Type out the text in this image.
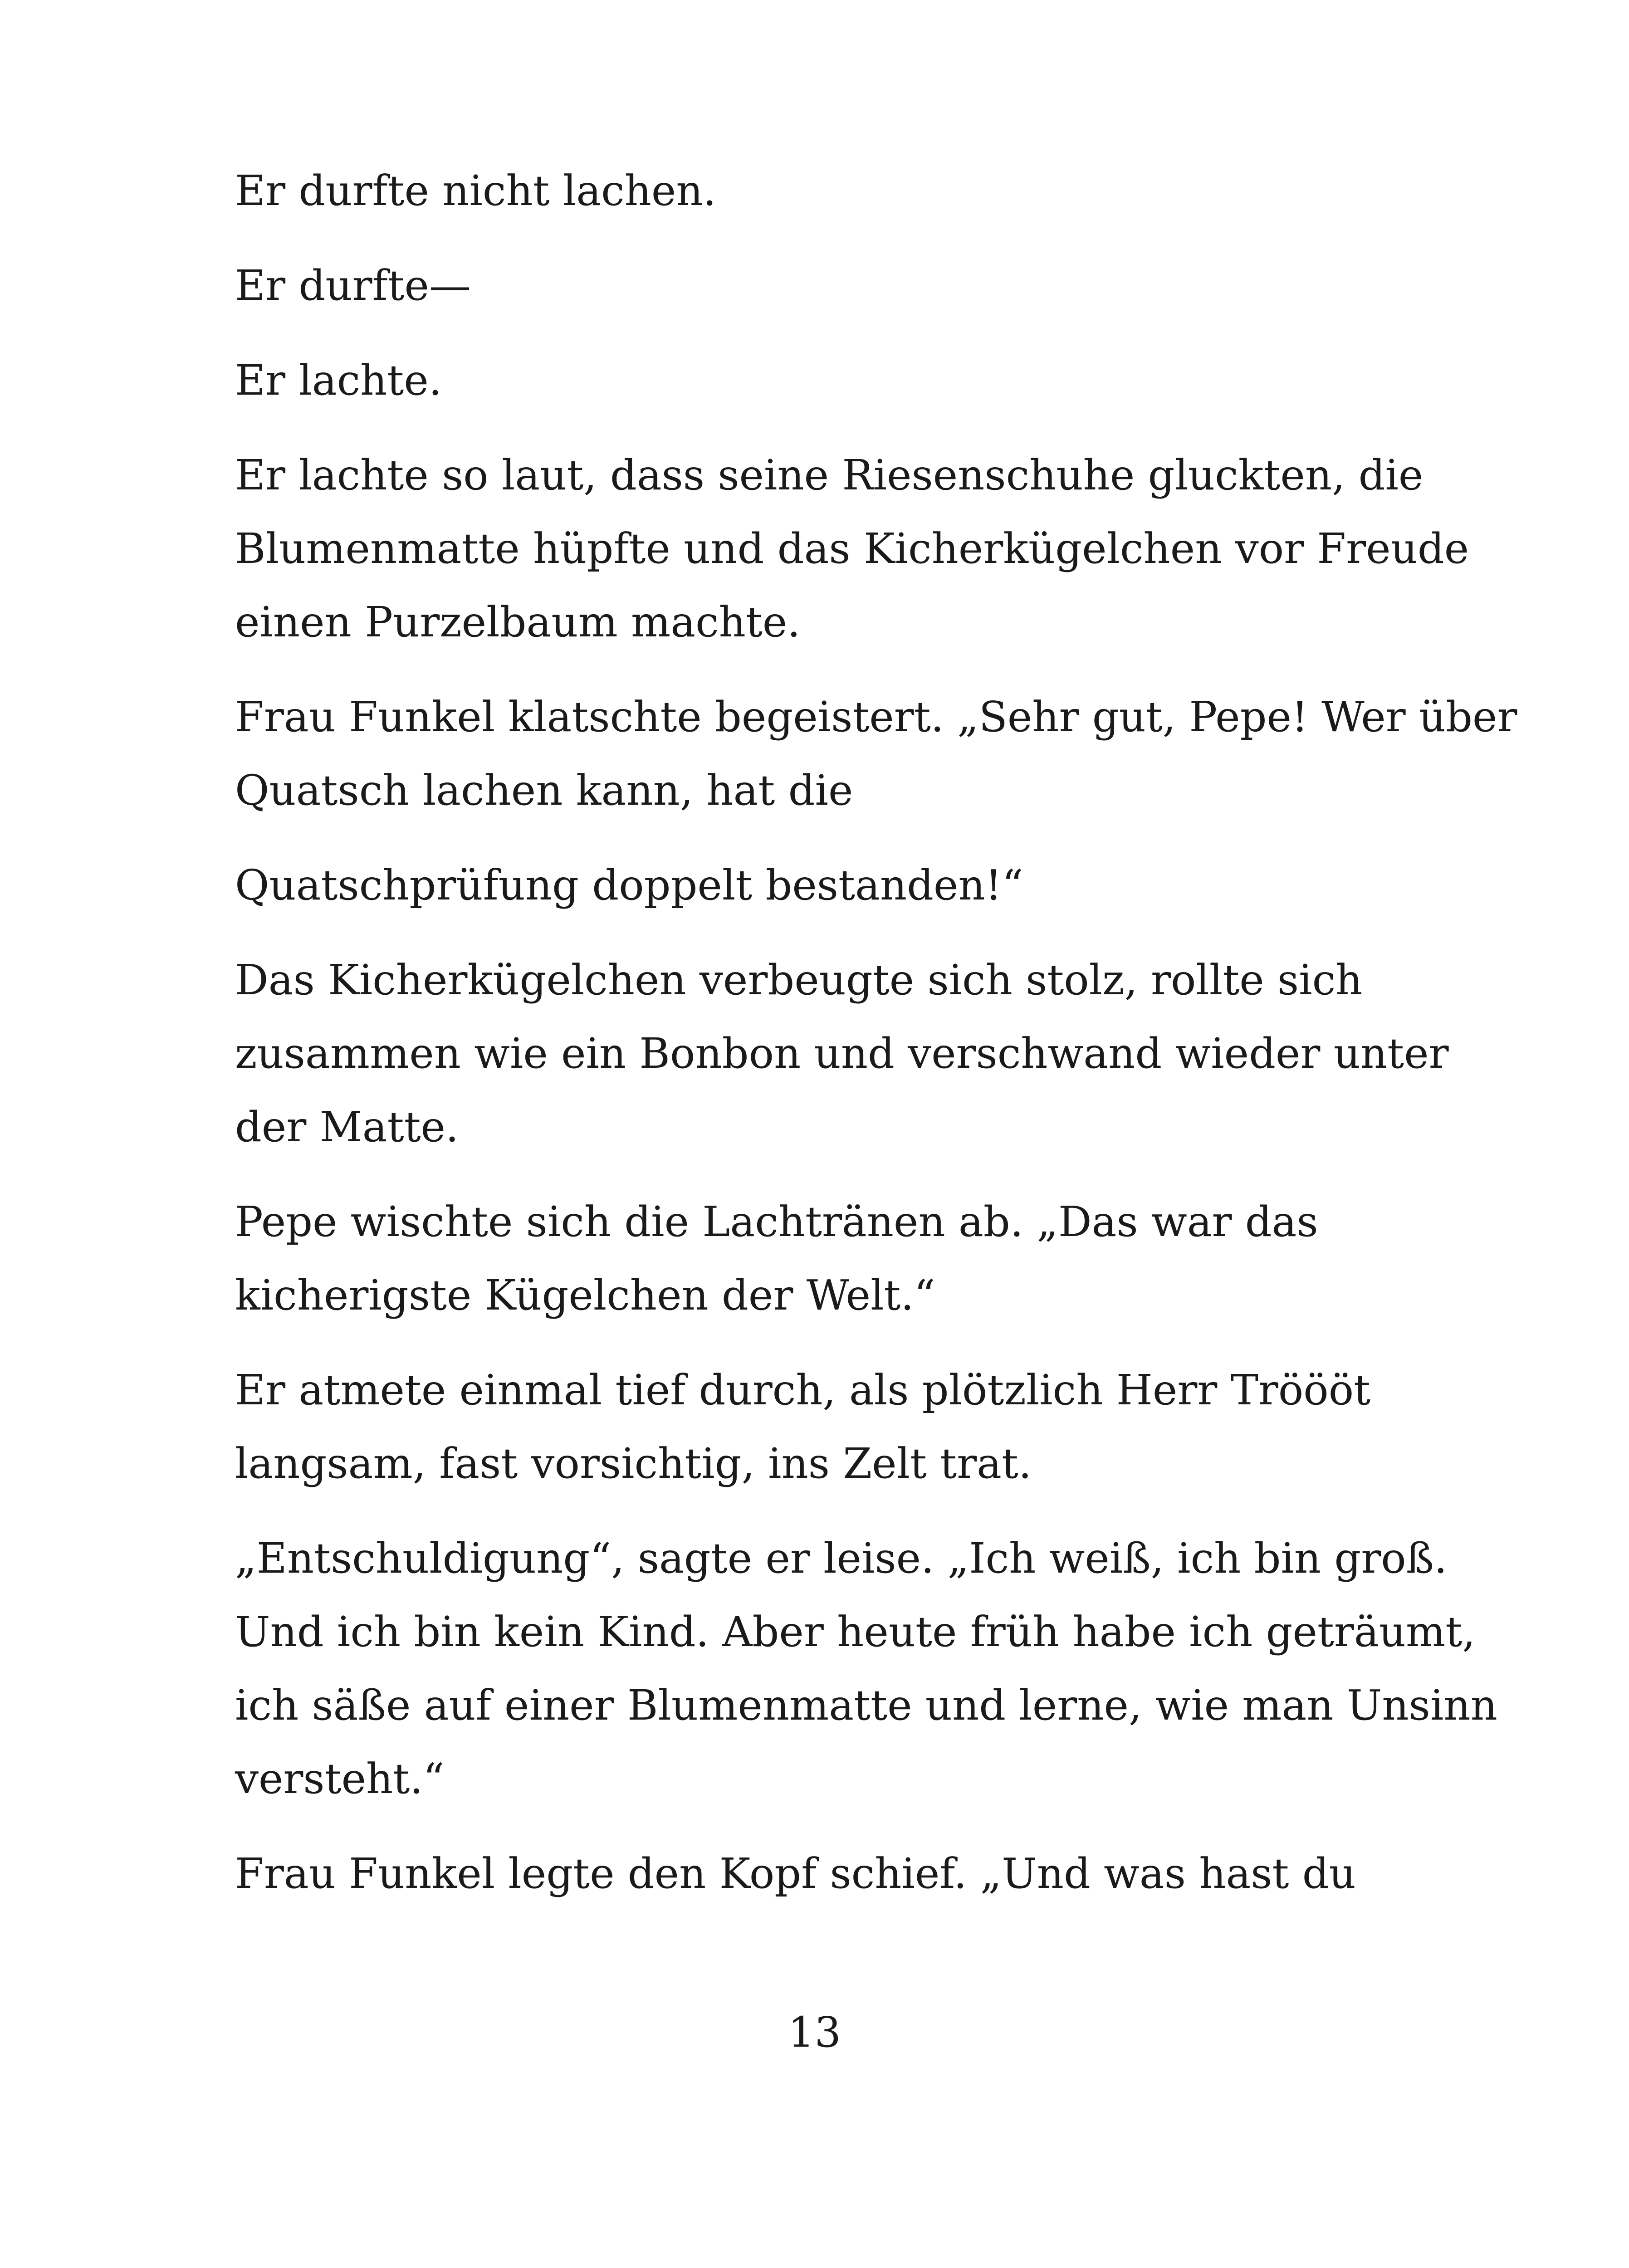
Er durfte nicht lachen.

Er durfte—

Er lachte.

Er lachte so laut, dass seine Riesenschuhe gluckten, die
Blumenmatte hüpfte und das Kicherkügelchen vor Freude
einen Purzelbaum machte.

Frau Funkel klatschte begeistert. „Sehr gut, Pepe! Wer über
Quatsch lachen kann, hat die

Quatschprüfung doppelt bestanden!“

Das Kicherkügelchen verbeugte sich stolz, rollte sich
zusammen wie ein Bonbon und verschwand wieder unter
der Matte.

Pepe wischte sich die Lachtränen ab. „Das war das
kicherigste Kügelchen der Welt.“

Er atmete einmal tief durch, als plötzlich Herr Tröööt
langsam, fast vorsichtig, ins Zelt trat.

„Entschuldigung“, sagte er leise. „Ich weiß, ich bin groß.
Und ich bin kein Kind. Aber heute früh habe ich geträumt,
ich säße auf einer Blumenmatte und lerne, wie man Unsinn
versteht.“

Frau Funkel legte den Kopf schief. „Und was hast du

13
